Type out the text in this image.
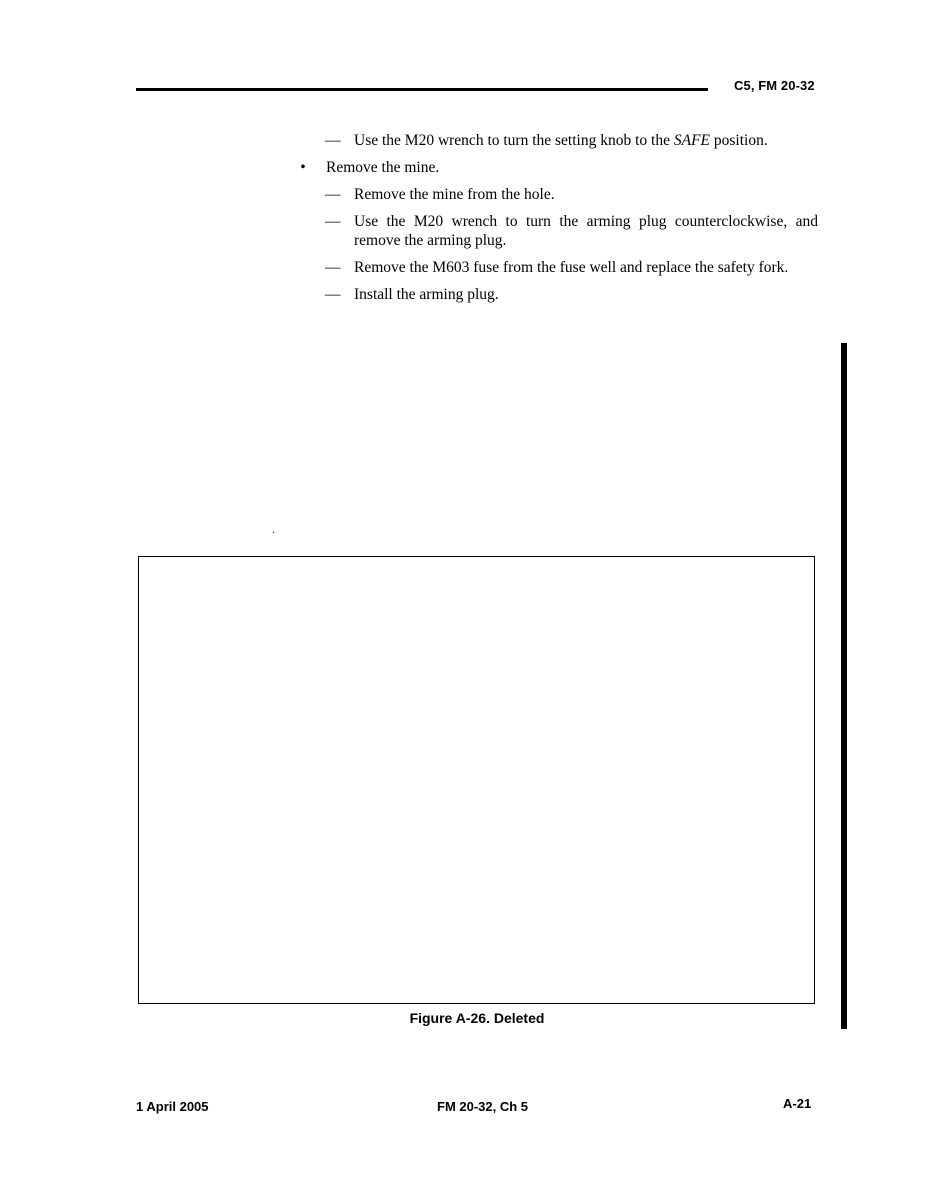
C5, FM 20-32

— Use the M20 wrench to turn the setting knob to the SAFE position.

• Remove the mine.

— Remove the mine from the hole.

— Use the M20 wrench to turn the arming plug counterclockwise, and remove the arming plug.

— Remove the M603 fuse from the fuse well and replace the safety fork.

— Install the arming plug.

.
Figure A-26. Deleted
1 April 2005	FM 20-32, Ch 5	A-21
